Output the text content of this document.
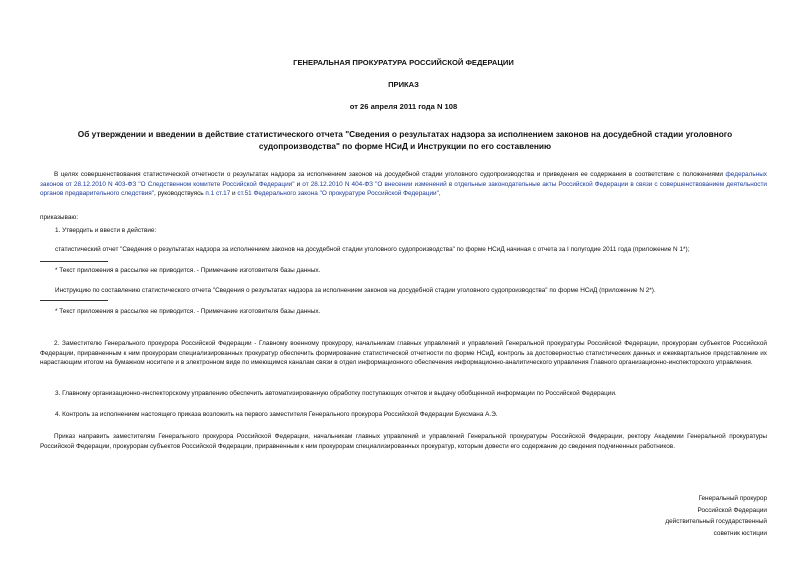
ГЕНЕРАЛЬНАЯ ПРОКУРАТУРА РОССИЙСКОЙ ФЕДЕРАЦИИ
ПРИКАЗ
от 26 апреля 2011 года N 108
Об утверждении и введении в действие статистического отчета "Сведения о результатах надзора за исполнением законов на досудебной стадии уголовного судопроизводства" по форме НСиД и Инструкции по его составлению
В целях совершенствования статистической отчетности о результатах надзора за исполнением законов на досудебной стадии уголовного судопроизводства и приведения ее содержания в соответствие с положениями федеральных законов от 28.12.2010 N 403-ФЗ "О Следственном комитете Российской Федерации" и от 28.12.2010 N 404-ФЗ "О внесении изменений в отдельные законодательные акты Российской Федерации в связи с совершенствованием деятельности органов предварительного следствия", руководствуясь п.1 ст.17 и ст.51 Федерального закона "О прокуратуре Российской Федерации",
приказываю:
1. Утвердить и ввести в действие:
статистический отчет "Сведения о результатах надзора за исполнением законов на досудебной стадии уголовного судопроизводства" по форме НСиД начиная с отчета за I полугодие 2011 года (приложение N 1*);
* Текст приложения в рассылке не приводится. - Примечание изготовителя базы данных.
Инструкцию по составлению статистического отчета "Сведения о результатах надзора за исполнением законов на досудебной стадии уголовного судопроизводства" по форме НСиД (приложение N 2*).
* Текст приложения в рассылке не приводится. - Примечание изготовителя базы данных.
2. Заместителю Генерального прокурора Российской Федерации - Главному военному прокурору, начальникам главных управлений и управлений Генеральной прокуратуры Российской Федерации, прокурорам субъектов Российской Федерации, приравненным к ним прокурорам специализированных прокуратур обеспечить формирование статистической отчетности по форме НСиД, контроль за достоверностью статистических данных и ежеквартальное представление их нарастающим итогом на бумажном носителе и в электронном виде по имеющимся каналам связи в отдел информационного обеспечения информационно-аналитического управления Главного организационно-инспекторского управления.
3. Главному организационно-инспекторскому управлению обеспечить автоматизированную обработку поступающих отчетов и выдачу обобщенной информации по Российской Федерации.
4. Контроль за исполнением настоящего приказа возложить на первого заместителя Генерального прокурора Российской Федерации Буксмана А.Э.
Приказ направить заместителям Генерального прокурора Российской Федерации, начальникам главных управлений и управлений Генеральной прокуратуры Российской Федерации, ректору Академии Генеральной прокуратуры Российской Федерации, прокурорам субъектов Российской Федерации, приравненным к ним прокурорам специализированных прокуратур, которым довести его содержание до сведения подчиненных работников.
Генеральный прокурор
Российской Федерации
действительный государственный
советник юстиции
